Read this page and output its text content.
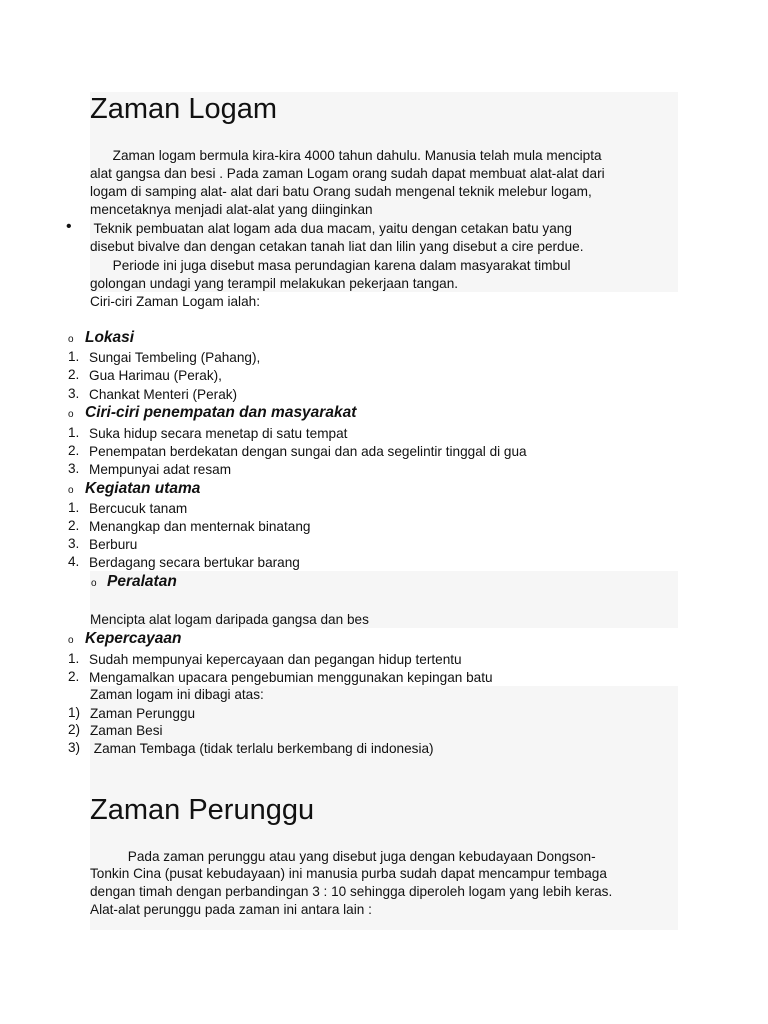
Zaman Logam
Zaman logam bermula kira-kira 4000 tahun dahulu. Manusia telah mula mencipta
alat gangsa dan besi . Pada zaman Logam orang sudah dapat membuat alat-alat dari
logam di samping alat- alat dari batu Orang sudah mengenal teknik melebur logam,
mencetaknya menjadi alat-alat yang diinginkan
• Teknik pembuatan alat logam ada dua macam, yaitu dengan cetakan batu yang
disebut bivalve dan dengan cetakan tanah liat dan lilin yang disebut a cire perdue.
Periode ini juga disebut masa perundagian karena dalam masyarakat timbul
golongan undagi yang terampil melakukan pekerjaan tangan.
Ciri-ciri Zaman Logam ialah:
o Lokasi
1. Sungai Tembeling (Pahang),
2. Gua Harimau (Perak),
3. Chankat Menteri (Perak)
o Ciri-ciri penempatan dan masyarakat
1. Suka hidup secara menetap di satu tempat
2. Penempatan berdekatan dengan sungai dan ada segelintir tinggal di gua
3. Mempunyai adat resam
o Kegiatan utama
1. Bercucuk tanam
2. Menangkap dan menternak binatang
3. Berburu
4. Berdagang secara bertukar barang
o Peralatan
Mencipta alat logam daripada gangsa dan bes
o Kepercayaan
1. Sudah mempunyai kepercayaan dan pegangan hidup tertentu
2. Mengamalkan upacara pengebumian menggunakan kepingan batu
Zaman logam ini dibagi atas:
1) Zaman Perunggu
2) Zaman Besi
3) Zaman Tembaga (tidak terlalu berkembang di indonesia)
Zaman Perunggu
Pada zaman perunggu atau yang disebut juga dengan kebudayaan Dongson-
Tonkin Cina (pusat kebudayaan) ini manusia purba sudah dapat mencampur tembaga
dengan timah dengan perbandingan 3 : 10 sehingga diperoleh logam yang lebih keras.
Alat-alat perunggu pada zaman ini antara lain :
